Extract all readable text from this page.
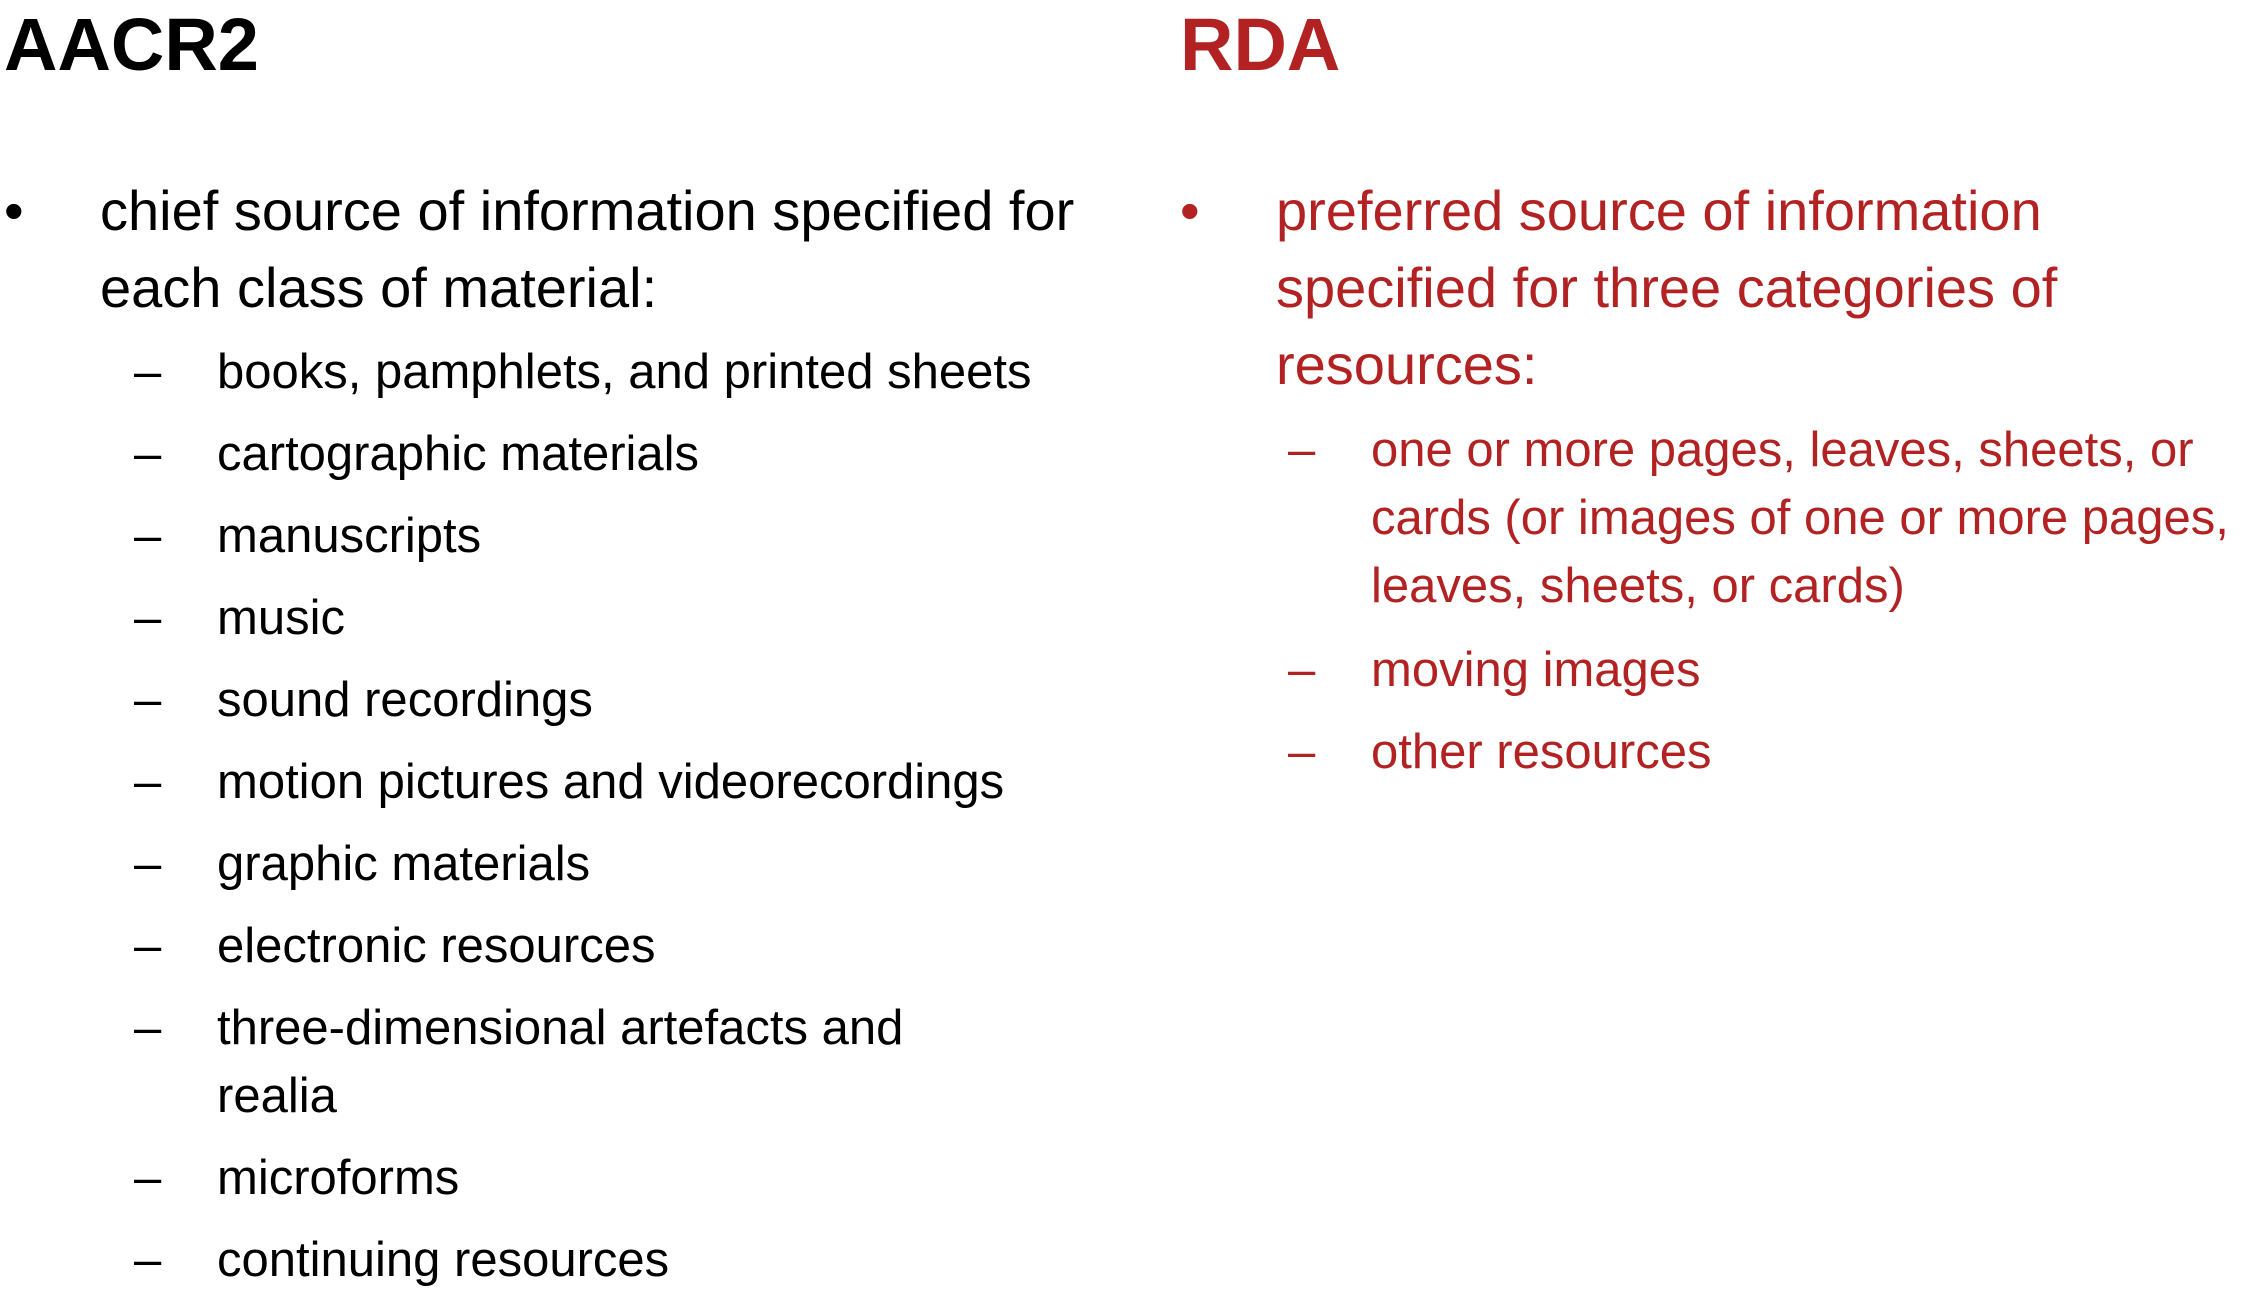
AACR2
•	chief source of information specified for each class of material:
– books, pamphlets, and printed sheets
– cartographic materials
– manuscripts
– music
– sound recordings
– motion pictures and videorecordings
– graphic materials
– electronic resources
– three-dimensional artefacts and realia
– microforms
– continuing resources
RDA
•	preferred source of information specified for three categories of resources:
– one or more pages, leaves, sheets, or cards (or images of one or more pages, leaves, sheets, or cards)
– moving images
– other resources
